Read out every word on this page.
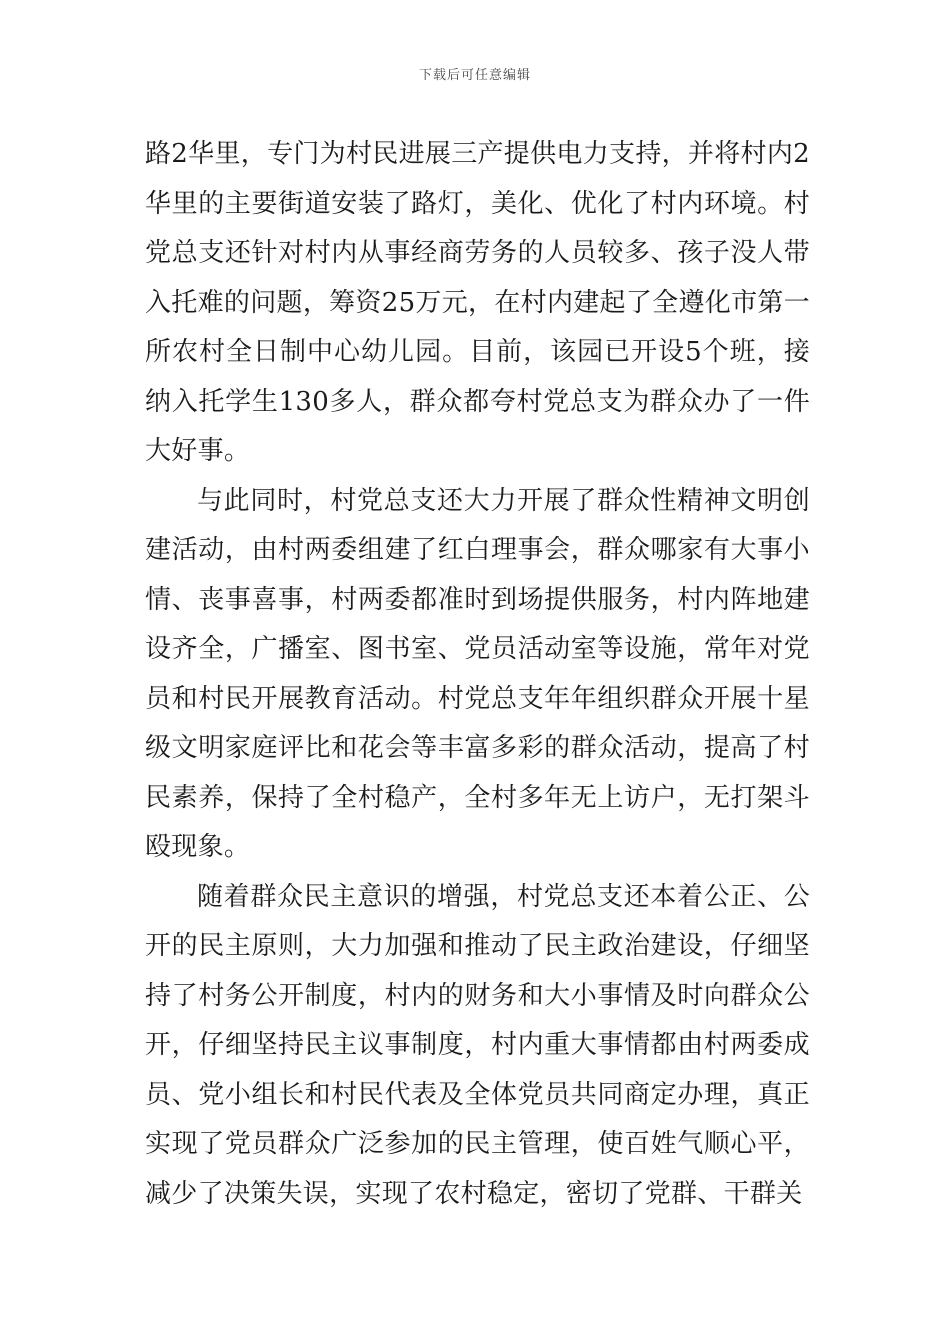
下载后可任意编辑

路2华里，专门为村民进展三产提供电力支持，并将村内2华里的主要街道安装了路灯，美化、优化了村内环境。村党总支还针对村内从事经商劳务的人员较多、孩子没人带入托难的问题，筹资25万元，在村内建起了全遵化市第一所农村全日制中心幼儿园。目前，该园已开设5个班，接纳入托学生130多人，群众都夸村党总支为群众办了一件大好事。

与此同时，村党总支还大力开展了群众性精神文明创建活动，由村两委组建了红白理事会，群众哪家有大事小情、丧事喜事，村两委都准时到场提供服务，村内阵地建设齐全，广播室、图书室、党员活动室等设施，常年对党员和村民开展教育活动。村党总支年年组织群众开展十星级文明家庭评比和花会等丰富多彩的群众活动，提高了村民素养，保持了全村稳产，全村多年无上访户，无打架斗殴现象。

随着群众民主意识的增强，村党总支还本着公正、公开的民主原则，大力加强和推动了民主政治建设，仔细坚持了村务公开制度，村内的财务和大小事情及时向群众公开，仔细坚持民主议事制度，村内重大事情都由村两委成员、党小组长和村民代表及全体党员共同商定办理，真正实现了党员群众广泛参加的民主管理，使百姓气顺心平，减少了决策失误，实现了农村稳定，密切了党群、干群关
